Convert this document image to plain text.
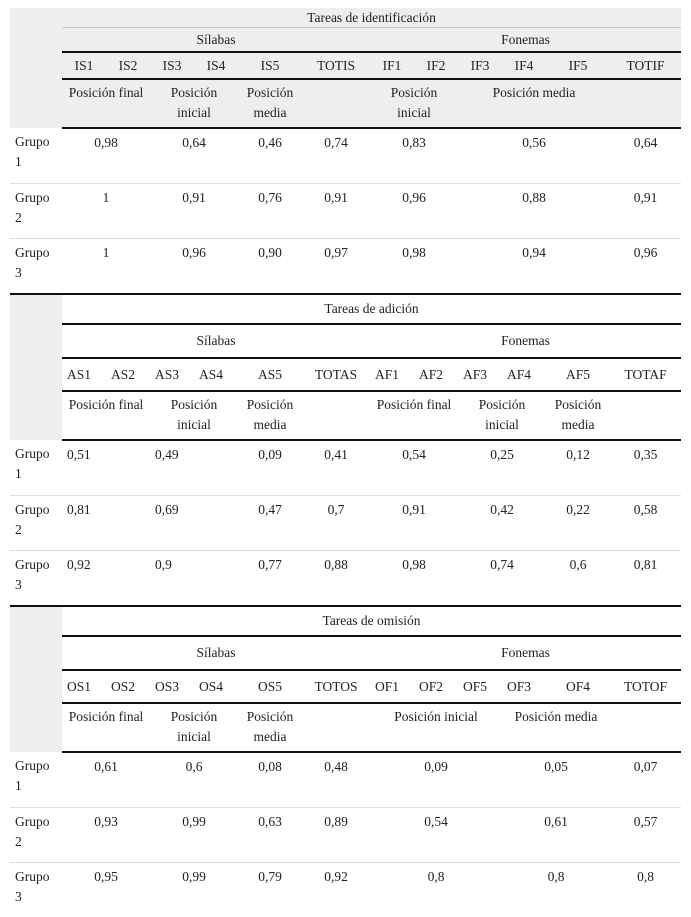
	Tareas de identificación											
	Sílabas						Fonemas					
	IS1	IS2	IS3	IS4	IS5	TOTIS	IF1	IF2	IF3	IF4	IF5	TOTIF
	Posición final		Posición inicial		Posición media		Posición inicial		Posición media			
Grupo 1	0,98		0,64		0,46	0,74	0,83		0,56			0,64
Grupo 2	1		0,91		0,76	0,91	0,96		0,88			0,91
Grupo 3	1		0,96		0,90	0,97	0,98		0,94			0,96
	Tareas de adición											
	Sílabas						Fonemas					
	AS1	AS2	AS3	AS4	AS5	TOTAS	AF1	AF2	AF3	AF4	AF5	TOTAF
	Posición final		Posición inicial		Posición media		Posición final		Posición inicial		Posición media	
Grupo 1	0,51		0,49		0,09	0,41	0,54		0,25		0,12	0,35
Grupo 2	0,81		0,69		0,47	0,7	0,91		0,42		0,22	0,58
Grupo 3	0,92		0,9		0,77	0,88	0,98		0,74		0,6	0,81
	Tareas de omisión											
	Sílabas						Fonemas					
	OS1	OS2	OS3	OS4	OS5	TOTOS	OF1	OF2	OF5	OF3	OF4	TOTOF
	Posición final		Posición inicial		Posición media		Posición inicial			Posición media		
Grupo 1	0,61		0,6		0,08	0,48	0,09			0,05		0,07
Grupo 2	0,93		0,99		0,63	0,89	0,54			0,61		0,57
Grupo 3	0,95		0,99		0,79	0,92	0,8			0,8		0,8
